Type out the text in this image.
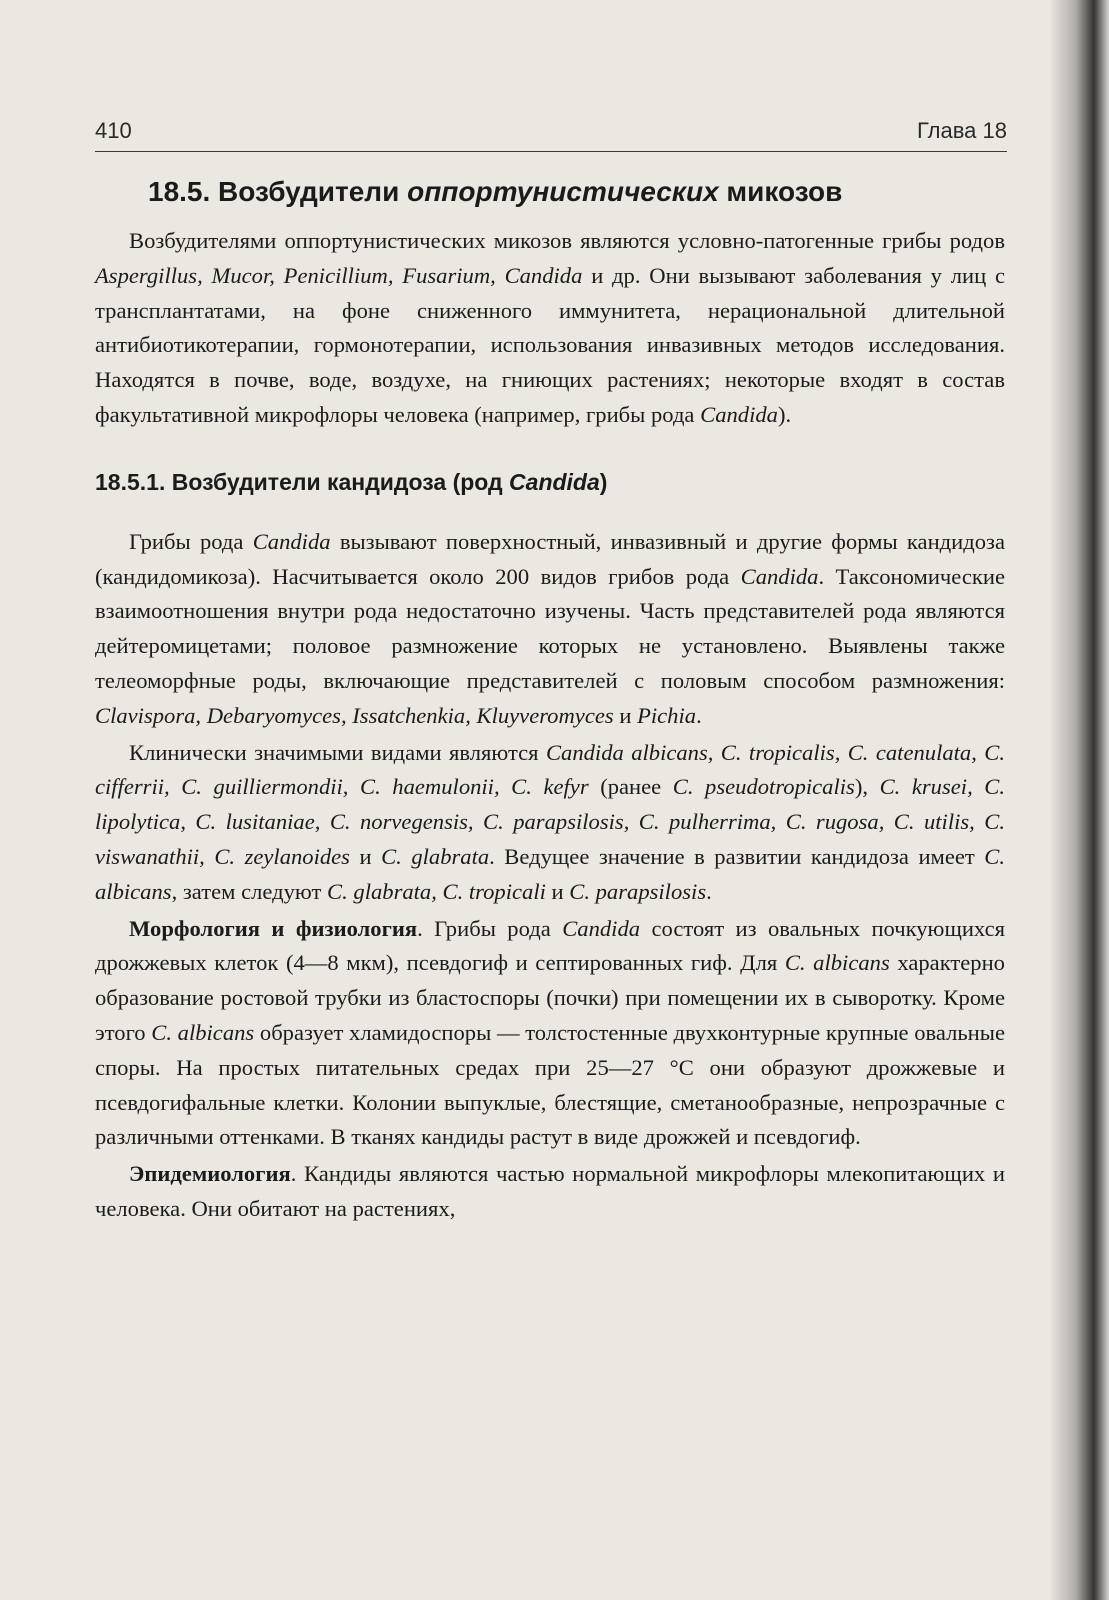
410	Глава 18
18.5. Возбудители оппортунистических микозов

Возбудителями оппортунистических микозов являются условно-патогенные грибы родов Aspergillus, Mucor, Penicillium, Fusarium, Candida и др. Они вызывают заболевания у лиц с трансплантатами, на фоне сниженного иммунитета, нерациональной длительной антибиотикотерапии, гормонотерапии, использования инвазивных методов исследования. Находятся в почве, воде, воздухе, на гниющих растениях; некоторые входят в состав факультативной микрофлоры человека (например, грибы рода Candida).

18.5.1. Возбудители кандидоза (род Candida)

Грибы рода Candida вызывают поверхностный, инвазивный и другие формы кандидоза (кандидомикоза). Насчитывается около 200 видов грибов рода Candida. Таксономические взаимоотношения внутри рода недостаточно изучены. Часть представителей рода являются дейтеромицетами; половое размножение которых не установлено. Выявлены также телеоморфные роды, включающие представителей с половым способом размножения: Clavispora, Debaryomyces, Issatchenkia, Kluyveromyces и Pichia.

Клинически значимыми видами являются Candida albicans, C. tropicalis, C. catenulata, C. cifferrii, C. guilliermondii, C. haemulonii, C. kefyr (ранее C. pseudotropicalis), C. krusei, C. lipolytica, C. lusitaniae, C. norvegensis, C. parapsilosis, C. pulherrima, C. rugosa, C. utilis, C. viswanathii, C. zeylanoides и C. glabrata. Ведущее значение в развитии кандидоза имеет C. albicans, затем следуют C. glabrata, C. tropicali и C. parapsilosis.

Морфология и физиология. Грибы рода Candida состоят из овальных почкующихся дрожжевых клеток (4—8 мкм), псевдогиф и септированных гиф. Для C. albicans характерно образование ростовой трубки из бластоспоры (почки) при помещении их в сыворотку. Кроме этого C. albicans образует хламидоспоры — толстостенные двухконтурные крупные овальные споры. На простых питательных средах при 25—27 °С они образуют дрожжевые и псевдогифальные клетки. Колонии выпуклые, блестящие, сметанообразные, непрозрачные с различными оттенками. В тканях кандиды растут в виде дрожжей и псевдогиф.

Эпидемиология. Кандиды являются частью нормальной микрофлоры млекопитающих и человека. Они обитают на растениях,
